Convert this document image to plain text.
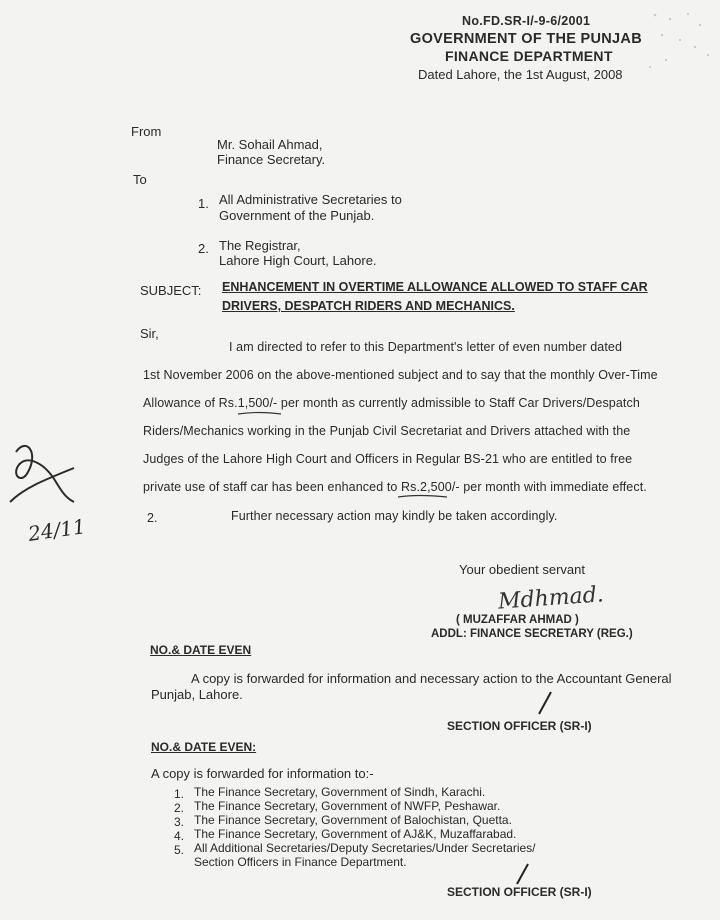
No.FD.SR-I/-9-6/2001
GOVERNMENT OF THE PUNJAB
FINANCE DEPARTMENT
Dated Lahore, the 1st August, 2008
From
Mr. Sohail Ahmad,
Finance Secretary.
To
1. All Administrative Secretaries to
Government of the Punjab.
2. The Registrar,
Lahore High Court, Lahore.
SUBJECT: ENHANCEMENT IN OVERTIME ALLOWANCE ALLOWED TO STAFF CAR
DRIVERS, DESPATCH RIDERS AND MECHANICS.
Sir,
I am directed to refer to this Department's letter of even number dated
1st November 2006 on the above-mentioned subject and to say that the monthly Over-Time
Allowance of Rs.1,500/- per month as currently admissible to Staff Car Drivers/Despatch
Riders/Mechanics working in the Punjab Civil Secretariat and Drivers attached with the
Judges of the Lahore High Court and Officers in Regular BS-21 who are entitled to free
private use of staff car has been enhanced to Rs.2,500/- per month with immediate effect.
2.	Further necessary action may kindly be taken accordingly.
24/11
Your obedient servant
Mdhmad.
( MUZAFFAR AHMAD )
ADDL: FINANCE SECRETARY (REG.)
NO.& DATE EVEN
A copy is forwarded for information and necessary action to the Accountant General
Punjab, Lahore.
SECTION OFFICER (SR-I)
NO.& DATE EVEN:
A copy is forwarded for information to:-
1. The Finance Secretary, Government of Sindh, Karachi.
2. The Finance Secretary, Government of NWFP, Peshawar.
3. The Finance Secretary, Government of Balochistan, Quetta.
4. The Finance Secretary, Government of AJ&K, Muzaffarabad.
5. All Additional Secretaries/Deputy Secretaries/Under Secretaries/
Section Officers in Finance Department.
SECTION OFFICER (SR-I)
